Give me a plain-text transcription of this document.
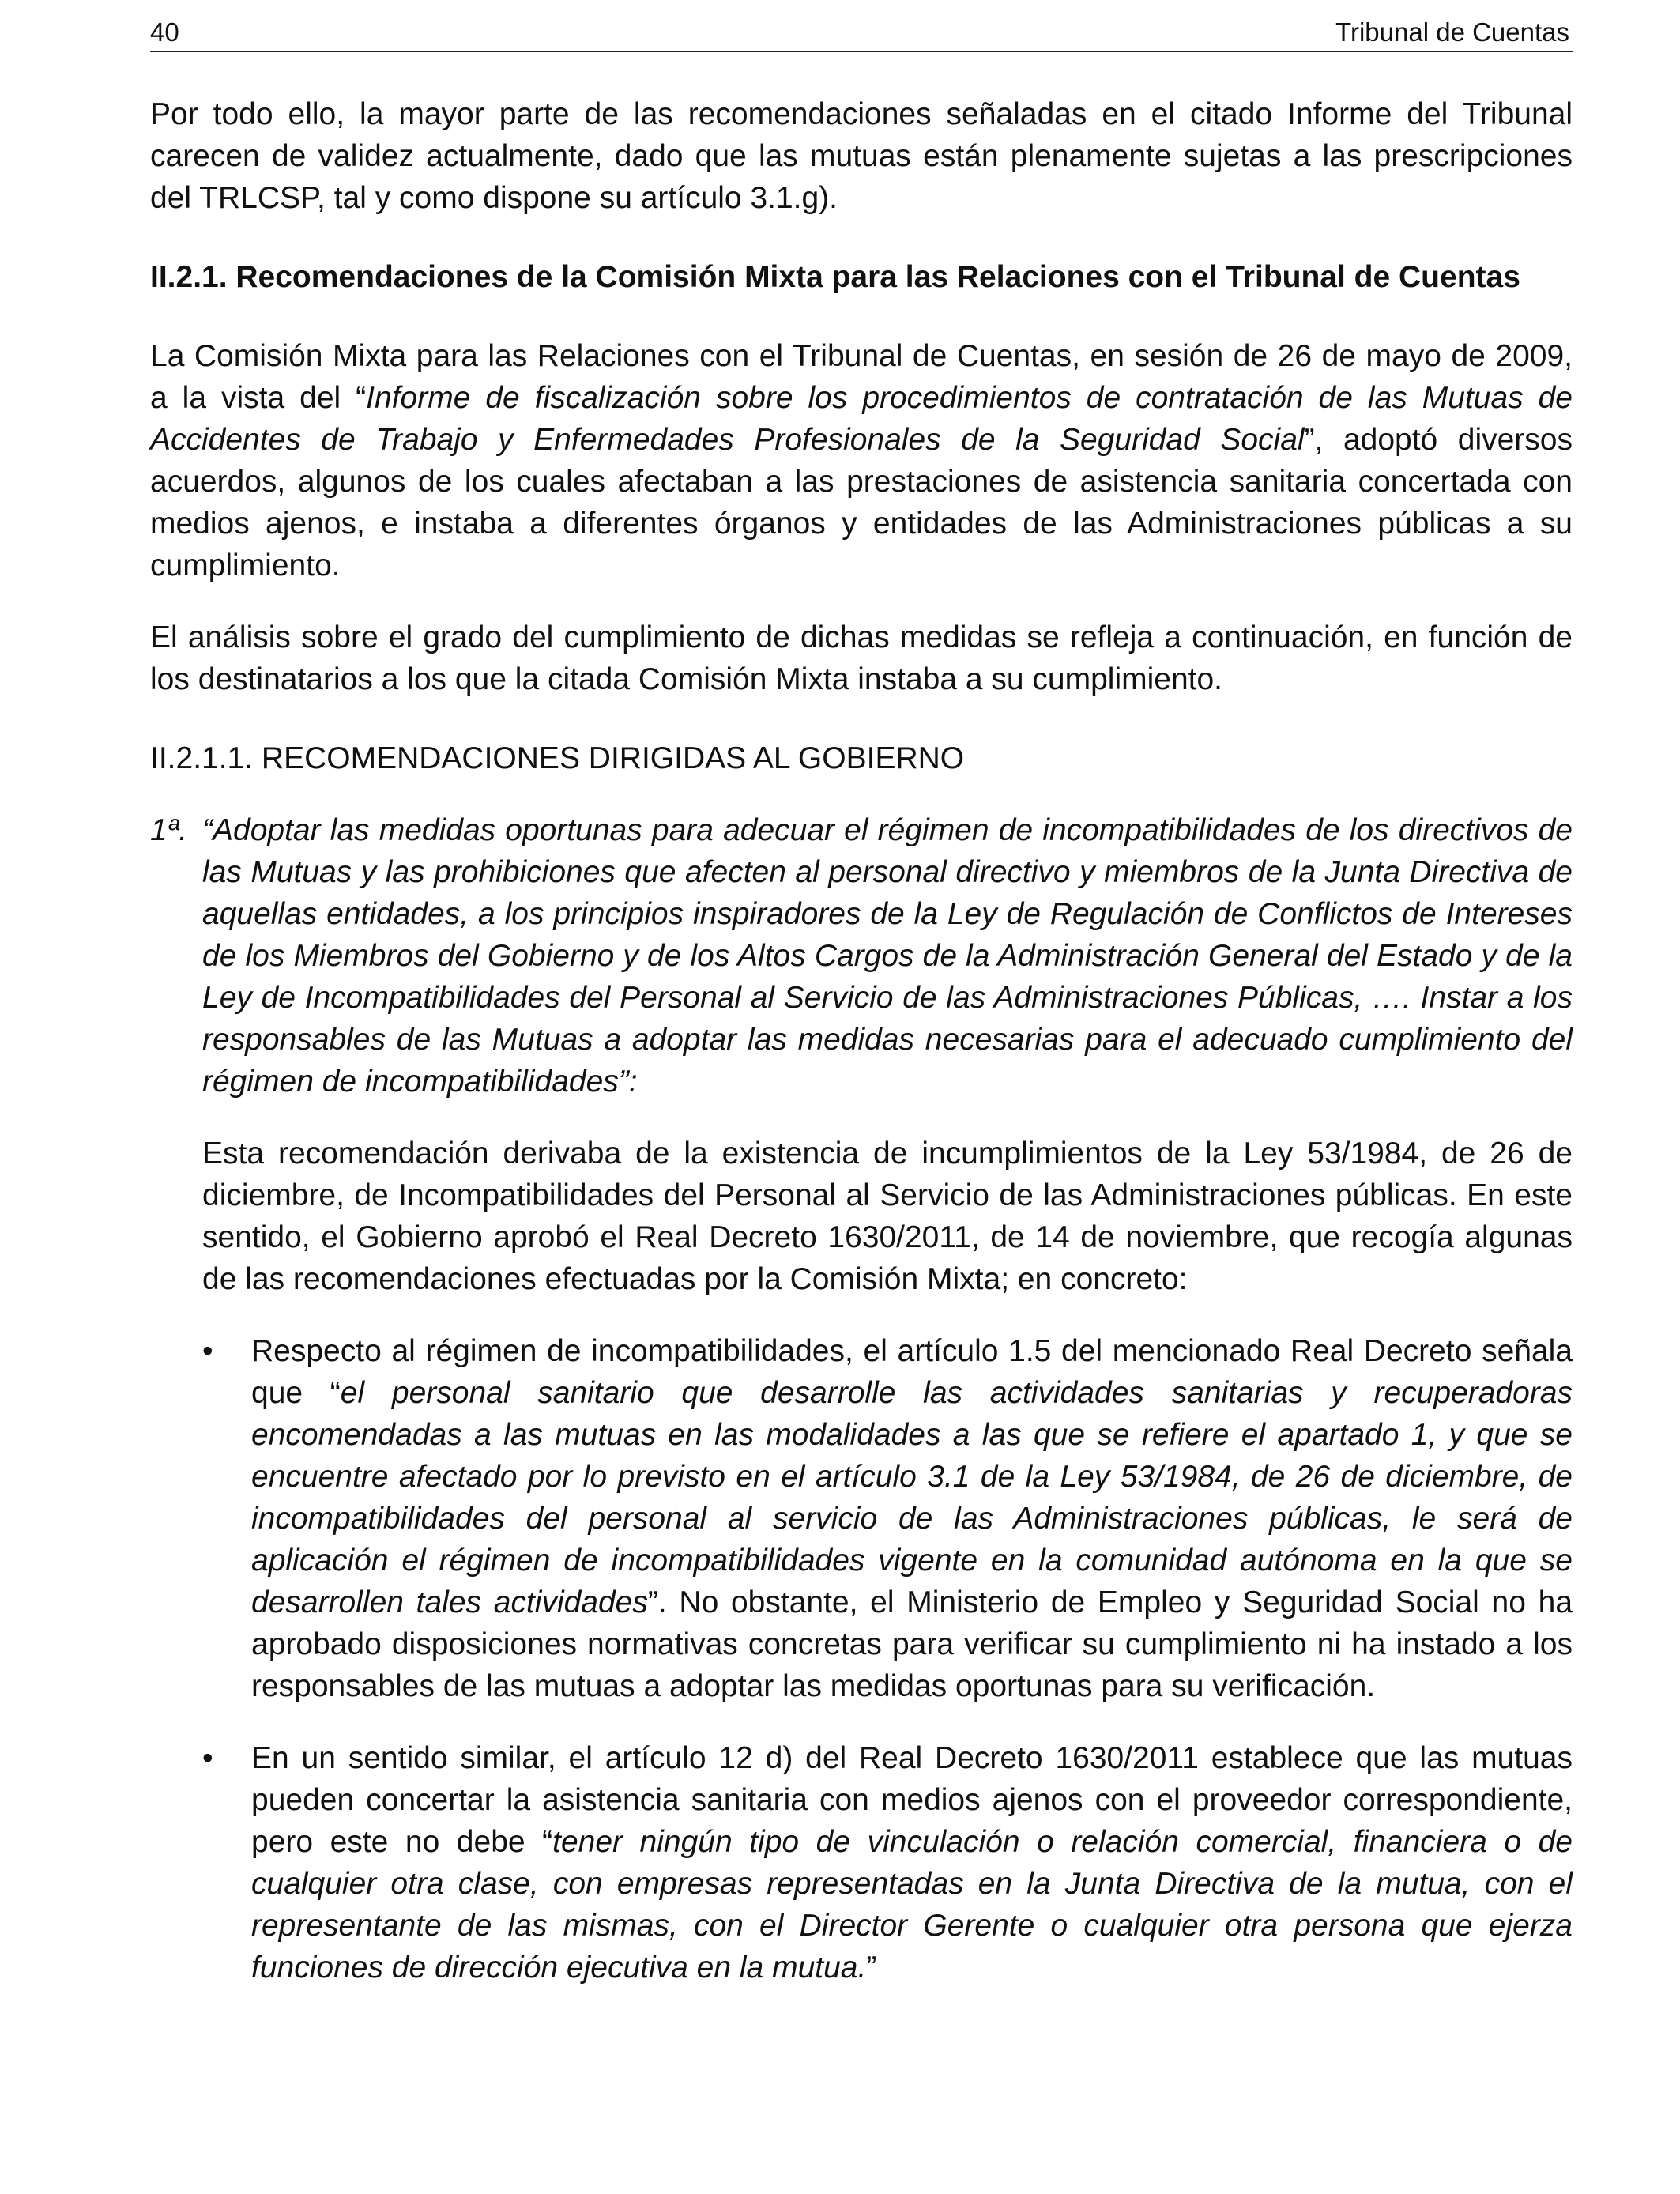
40	Tribunal de Cuentas

Por todo ello, la mayor parte de las recomendaciones señaladas en el citado Informe del Tribunal carecen de validez actualmente, dado que las mutuas están plenamente sujetas a las prescripciones del TRLCSP, tal y como dispone su artículo 3.1.g).

II.2.1. Recomendaciones de la Comisión Mixta para las Relaciones con el Tribunal de Cuentas

La Comisión Mixta para las Relaciones con el Tribunal de Cuentas, en sesión de 26 de mayo de 2009, a la vista del “Informe de fiscalización sobre los procedimientos de contratación de las Mutuas de Accidentes de Trabajo y Enfermedades Profesionales de la Seguridad Social”, adoptó diversos acuerdos, algunos de los cuales afectaban a las prestaciones de asistencia sanitaria concertada con medios ajenos, e instaba a diferentes órganos y entidades de las Administraciones públicas a su cumplimiento.

El análisis sobre el grado del cumplimiento de dichas medidas se refleja a continuación, en función de los destinatarios a los que la citada Comisión Mixta instaba a su cumplimiento.

II.2.1.1. RECOMENDACIONES DIRIGIDAS AL GOBIERNO

1ª. “Adoptar las medidas oportunas para adecuar el régimen de incompatibilidades de los directivos de las Mutuas y las prohibiciones que afecten al personal directivo y miembros de la Junta Directiva de aquellas entidades, a los principios inspiradores de la Ley de Regulación de Conflictos de Intereses de los Miembros del Gobierno y de los Altos Cargos de la Administración General del Estado y de la Ley de Incompatibilidades del Personal al Servicio de las Administraciones Públicas, …. Instar a los responsables de las Mutuas a adoptar las medidas necesarias para el adecuado cumplimiento del régimen de incompatibilidades”:

Esta recomendación derivaba de la existencia de incumplimientos de la Ley 53/1984, de 26 de diciembre, de Incompatibilidades del Personal al Servicio de las Administraciones públicas. En este sentido, el Gobierno aprobó el Real Decreto 1630/2011, de 14 de noviembre, que recogía algunas de las recomendaciones efectuadas por la Comisión Mixta; en concreto:

• Respecto al régimen de incompatibilidades, el artículo 1.5 del mencionado Real Decreto señala que “el personal sanitario que desarrolle las actividades sanitarias y recuperadoras encomendadas a las mutuas en las modalidades a las que se refiere el apartado 1, y que se encuentre afectado por lo previsto en el artículo 3.1 de la Ley 53/1984, de 26 de diciembre, de incompatibilidades del personal al servicio de las Administraciones públicas, le será de aplicación el régimen de incompatibilidades vigente en la comunidad autónoma en la que se desarrollen tales actividades”. No obstante, el Ministerio de Empleo y Seguridad Social no ha aprobado disposiciones normativas concretas para verificar su cumplimiento ni ha instado a los responsables de las mutuas a adoptar las medidas oportunas para su verificación.
• En un sentido similar, el artículo 12 d) del Real Decreto 1630/2011 establece que las mutuas pueden concertar la asistencia sanitaria con medios ajenos con el proveedor correspondiente, pero este no debe “tener ningún tipo de vinculación o relación comercial, financiera o de cualquier otra clase, con empresas representadas en la Junta Directiva de la mutua, con el representante de las mismas, con el Director Gerente o cualquier otra persona que ejerza funciones de dirección ejecutiva en la mutua.”
